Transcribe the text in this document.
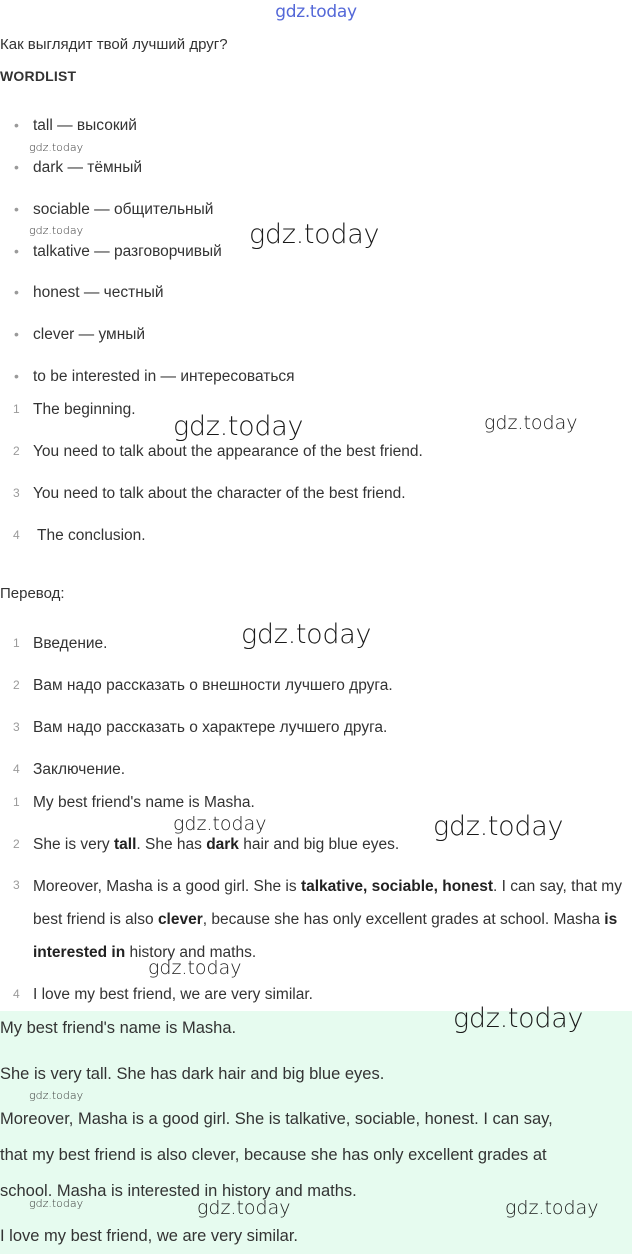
gdz.today
Как выглядит твой лучший друг?
WORDLIST
• tall — высокий
• dark — тёмный
• sociable — общительный
• talkative — разговорчивый
• honest — честный
• clever — умный
• to be interested in — интересоваться
1 The beginning.
2 You need to talk about the appearance of the best friend.
3 You need to talk about the character of the best friend.
4 The conclusion.
Перевод:
1 Введение.
2 Вам надо рассказать о внешности лучшего друга.
3 Вам надо рассказать о характере лучшего друга.
4 Заключение.
1 My best friend's name is Masha.
2 She is very tall. She has dark hair and big blue eyes.
3 Moreover, Masha is a good girl. She is talkative, sociable, honest. I can say, that my best friend is also clever, because she has only excellent grades at school. Masha is interested in history and maths.
4 I love my best friend, we are very similar.
My best friend's name is Masha.
She is very tall. She has dark hair and big blue eyes.
Moreover, Masha is a good girl. She is talkative, sociable, honest. I can say,
that my best friend is also clever, because she has only excellent grades at
school. Masha is interested in history and maths.
I love my best friend, we are very similar.
gdz.today
gdz.today	gdz.today
gdz.today	gdz.today
gdz.today
gdz.today	gdz.today
gdz.today
gdz.today
gdz.today
gdz.today	gdz.today	gdz.today
